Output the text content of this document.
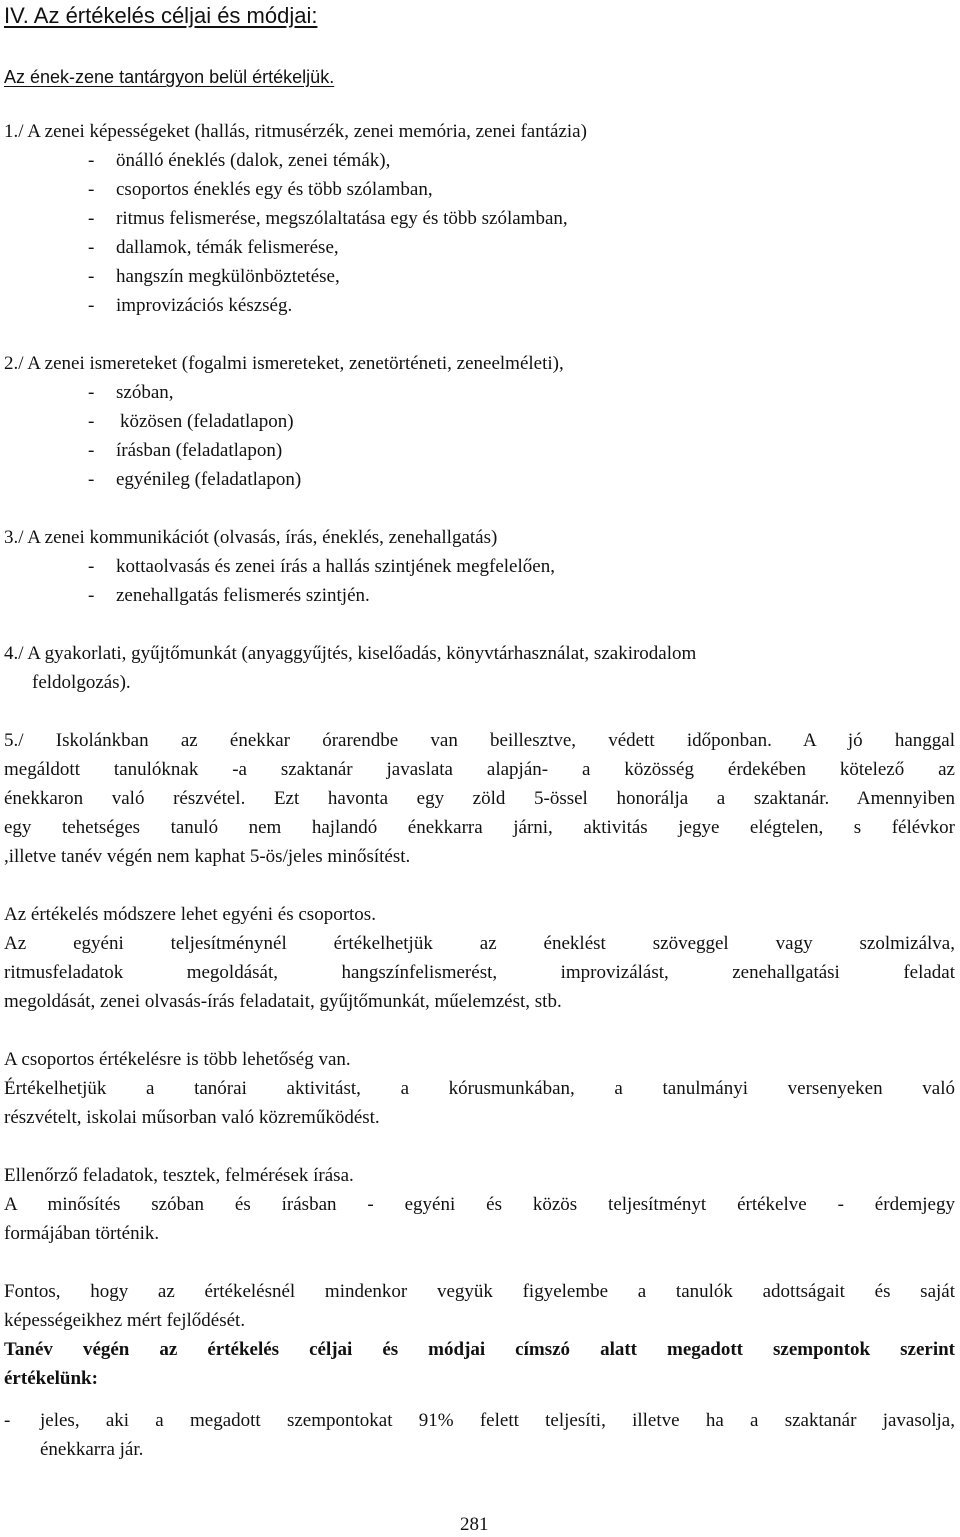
IV. Az értékelés céljai és módjai:
Az ének-zene tantárgyon belül értékeljük.
1./ A zenei képességeket (hallás, ritmusérzék, zenei memória, zenei fantázia)
- önálló éneklés (dalok, zenei témák),
- csoportos éneklés egy és több szólamban,
- ritmus felismerése, megszólaltatása egy és több szólamban,
- dallamok, témák felismerése,
- hangszín megkülönböztetése,
- improvizációs készség.
2./ A zenei ismereteket (fogalmi ismereteket, zenetörténeti, zeneelméleti),
- szóban,
- közösen (feladatlapon)
- írásban (feladatlapon)
- egyénileg (feladatlapon)
3./ A zenei kommunikációt (olvasás, írás, éneklés, zenehallgatás)
- kottaolvasás és zenei írás a hallás szintjének megfelelően,
- zenehallgatás felismerés szintjén.
4./ A gyakorlati, gyűjtőmunkát (anyaggyűjtés, kiselőadás, könyvtárhasználat, szakirodalom
feldolgozás).
5./ Iskolánkban az énekkar órarendbe van beillesztve, védett időponban. A jó hanggal
megáldott tanulóknak -a szaktanár javaslata alapján- a közösség érdekében kötelező az
énekkaron való részvétel. Ezt havonta egy zöld 5-össel honorálja a szaktanár. Amennyiben
egy tehetséges tanuló nem hajlandó énekkarra járni, aktivitás jegye elégtelen, s félévkor
,illetve tanév végén nem kaphat 5-ös/jeles minősítést.
Az értékelés módszere lehet egyéni és csoportos.
Az egyéni teljesítménynél értékelhetjük az éneklést szöveggel vagy szolmizálva,
ritmusfeladatok megoldását, hangszínfelismerést, improvizálást, zenehallgatási feladat
megoldását, zenei olvasás-írás feladatait, gyűjtőmunkát, műelemzést, stb.
A csoportos értékelésre is több lehetőség van.
Értékelhetjük a tanórai aktivitást, a kórusmunkában, a tanulmányi versenyeken való
részvételt, iskolai műsorban való közreműködést.
Ellenőrző feladatok, tesztek, felmérések írása.
A minősítés szóban és írásban - egyéni és közös teljesítményt értékelve - érdemjegy
formájában történik.
Fontos, hogy az értékelésnél mindenkor vegyük figyelembe a tanulók adottságait és saját
képességeikhez mért fejlődését.
Tanév végén az értékelés céljai és módjai címszó alatt megadott szempontok szerint
értékelünk:
- jeles, aki a megadott szempontokat 91% felett teljesíti, illetve ha a szaktanár javasolja,
énekkarra jár.
281
